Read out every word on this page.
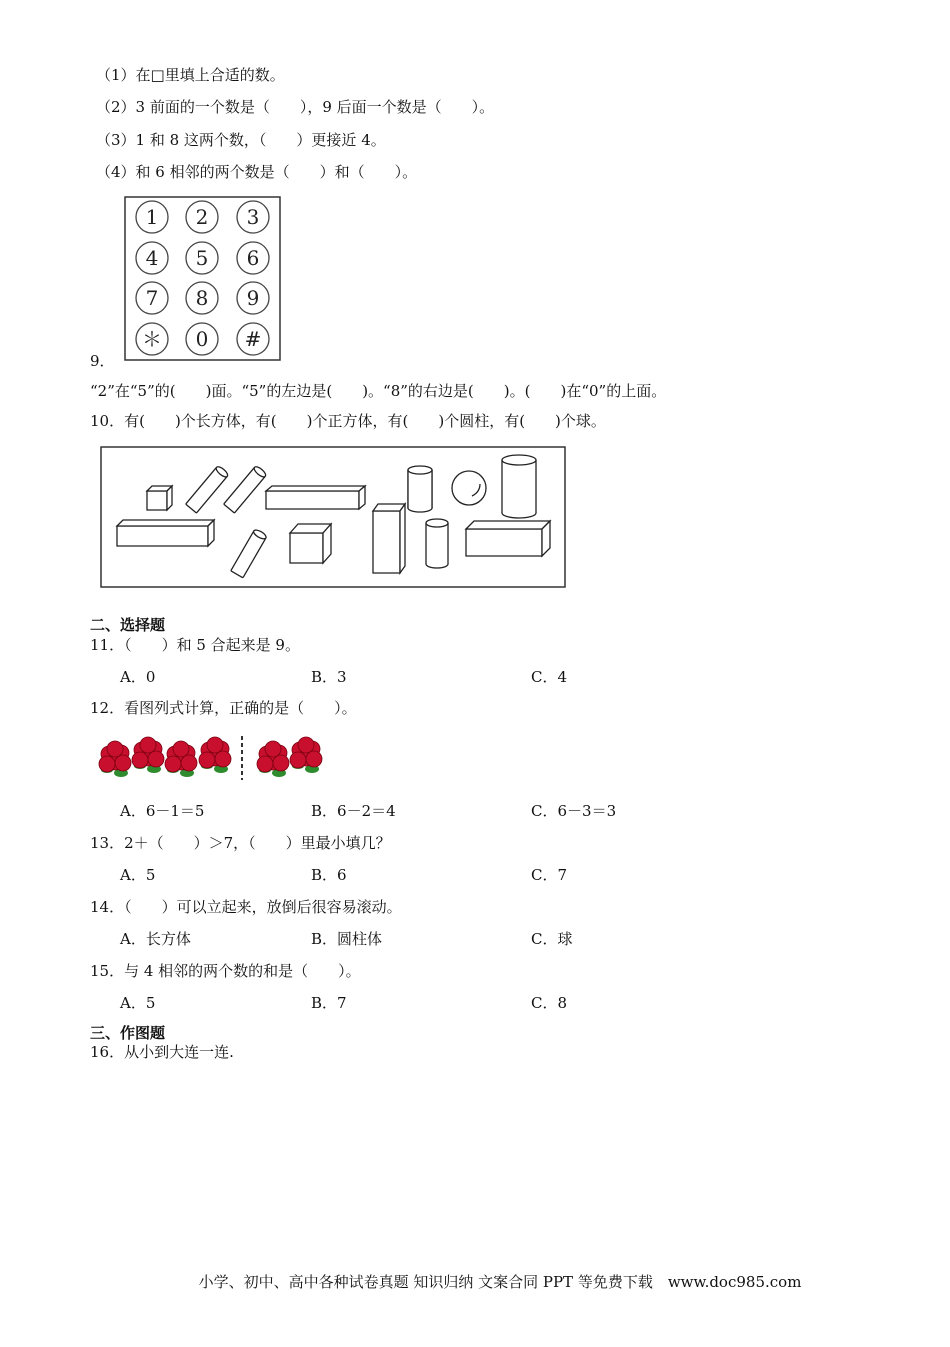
（1）在□里填上合适的数。
（2）3 前面的一个数是（　　），9 后面一个数是（　　）。
（3）1 和 8 这两个数，（　　）更接近 4。
（4）和 6 相邻的两个数是（　　）和（　　）。
1 2 3
4 5 6
7 8 9
＊ 0 #
9．
“2”在“5”的(　　)面。“5”的左边是(　　)。“8”的右边是(　　)。(　　)在“0”的上面。
10．有(　　)个长方体，有(　　)个正方体，有(　　)个圆柱，有(　　)个球。
二、选择题
11．（　　）和 5 合起来是 9。
A．0	B．3	C．4
12．看图列式计算，正确的是（　　）。
A．6－1＝5	B．6－2＝4	C．6－3＝3
13．2＋（　　）＞7，（　　）里最小填几？
A．5	B．6	C．7
14．（　　）可以立起来，放倒后很容易滚动。
A．长方体	B．圆柱体	C．球
15．与 4 相邻的两个数的和是（　　）。
A．5	B．7	C．8
三、作图题
16．从小到大连一连.
小学、初中、高中各种试卷真题 知识归纳 文案合同 PPT 等免费下载　www.doc985.com
